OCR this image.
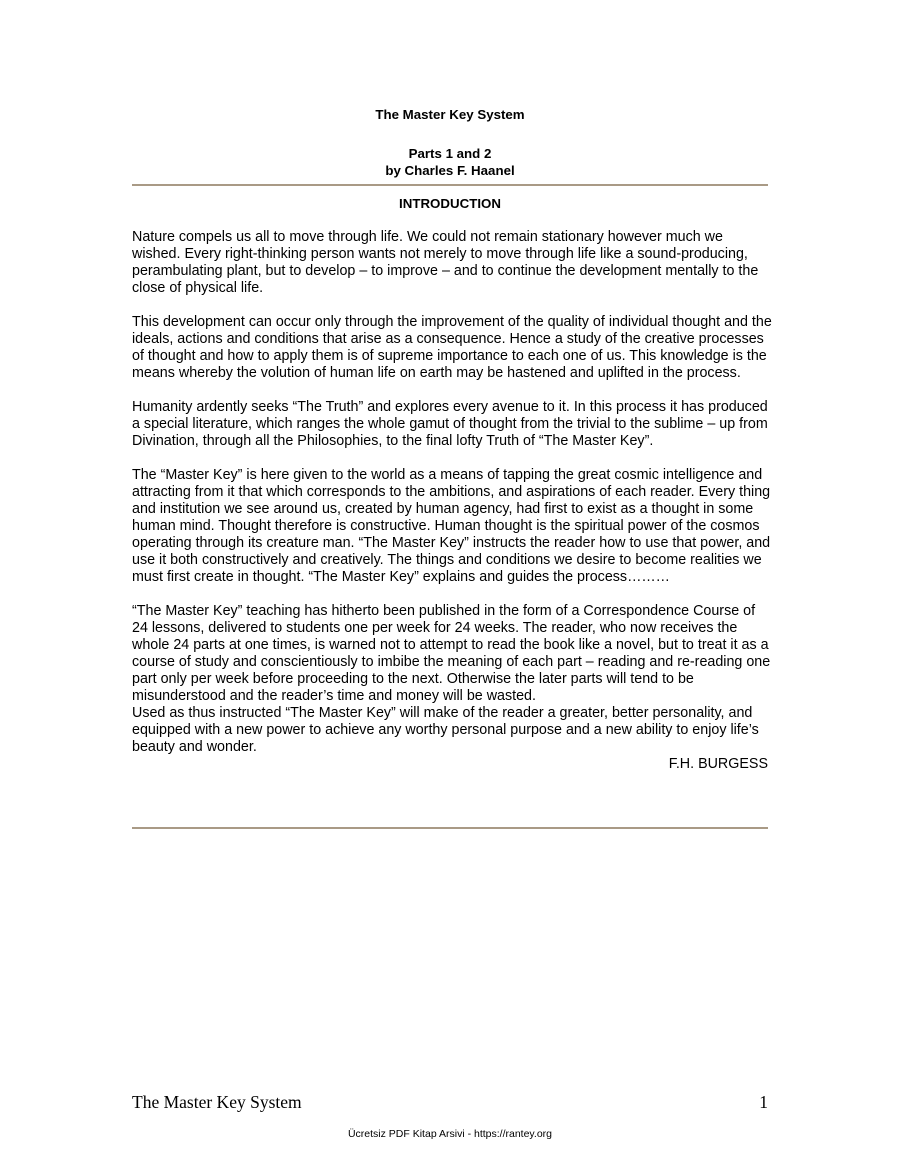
The Master Key System
Parts 1 and 2
by Charles F. Haanel
INTRODUCTION

Nature compels us all to move through life. We could not remain stationary however much we wished. Every right-thinking person wants not merely to move through life like a sound-producing, perambulating plant, but to develop – to improve – and to continue the development mentally to the close of physical life.

This development can occur only through the improvement of the quality of individual thought and the ideals, actions and conditions that arise as a consequence. Hence a study of the creative processes of thought and how to apply them is of supreme importance to each one of us. This knowledge is the means whereby the volution of human life on earth may be hastened and uplifted in the process.

Humanity ardently seeks “The Truth” and explores every avenue to it. In this process it has produced a special literature, which ranges the whole gamut of thought from the trivial to the sublime – up from Divination, through all the Philosophies, to the final lofty Truth of “The Master Key”.

The “Master Key” is here given to the world as a means of tapping the great cosmic intelligence and attracting from it that which corresponds to the ambitions, and aspirations of each reader. Every thing and institution we see around us, created by human agency, had first to exist as a thought in some human mind. Thought therefore is constructive. Human thought is the spiritual power of the cosmos operating through its creature man. “The Master Key” instructs the reader how to use that power, and use it both constructively and creatively. The things and conditions we desire to become realities we must first create in thought. “The Master Key” explains and guides the process………

“The Master Key” teaching has hitherto been published in the form of a Correspondence Course of 24 lessons, delivered to students one per week for 24 weeks. The reader, who now receives the whole 24 parts at one times, is warned not to attempt to read the book like a novel, but to treat it as a course of study and conscientiously to imbibe the meaning of each part – reading and re-reading one part only per week before proceeding to the next. Otherwise the later parts will tend to be misunderstood and the reader’s time and money will be wasted.

Used as thus instructed “The Master Key” will make of the reader a greater, better personality, and equipped with a new power to achieve any worthy personal purpose and a new ability to enjoy life’s beauty and wonder.

F.H. BURGESS

The Master Key System	1
Ücretsiz PDF Kitap Arsivi - https://rantey.org
